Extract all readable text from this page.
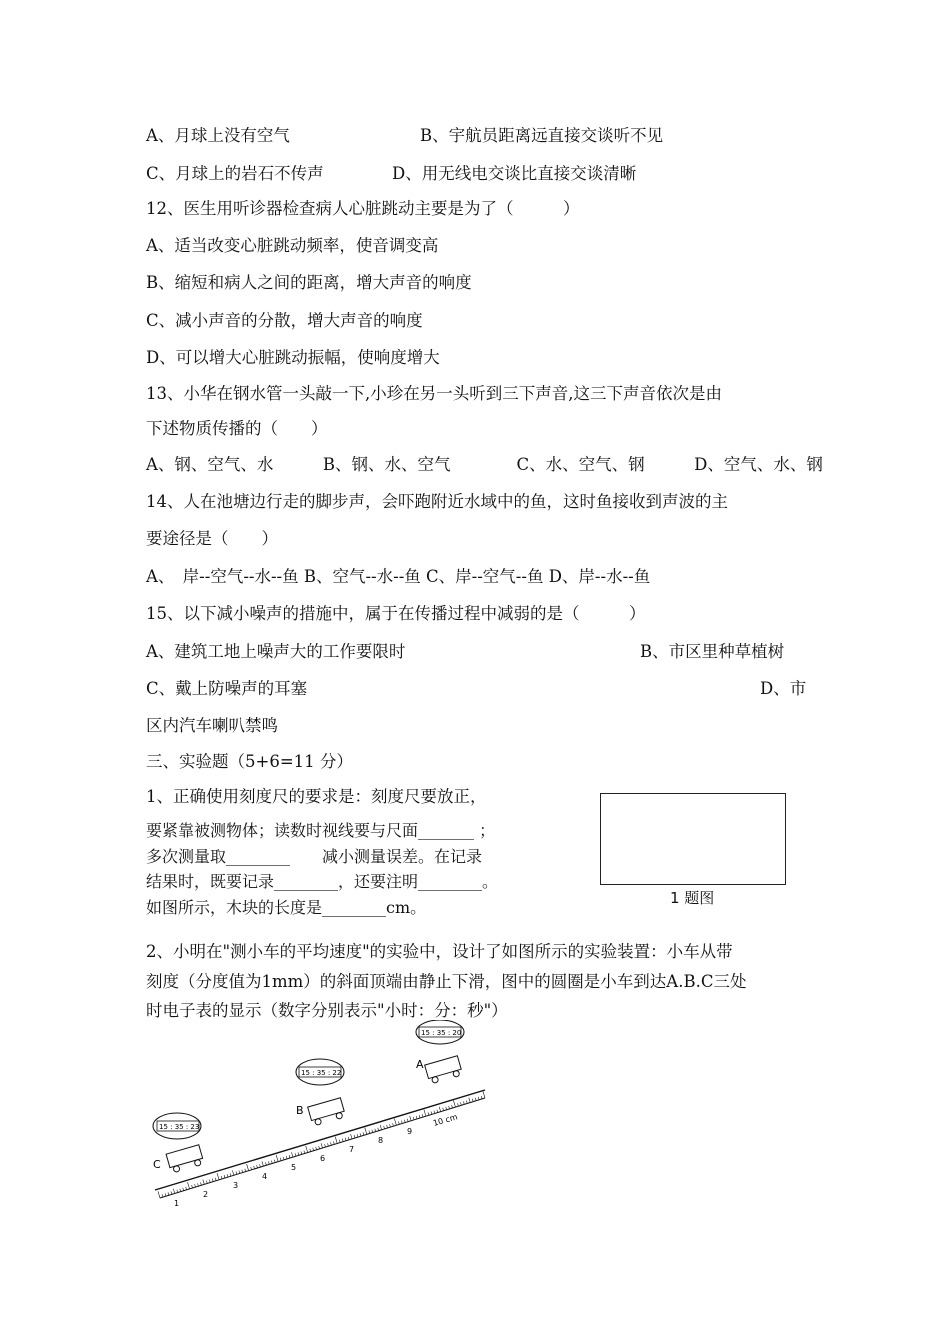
A、月球上没有空气	B、宇航员距离远直接交谈听不见
C、月球上的岩石不传声	D、用无线电交谈比直接交谈清晰
12、医生用听诊器检查病人心脏跳动主要是为了（　　　）
A、适当改变心脏跳动频率，使音调变高
B、缩短和病人之间的距离，增大声音的响度
C、减小声音的分散，增大声音的响度
D、可以增大心脏跳动振幅，使响度增大
13、小华在钢水管一头敲一下,小珍在另一头听到三下声音,这三下声音依次是由
下述物质传播的（　　）
A、钢、空气、水　　　B、钢、水、空气　　　　C、水、空气、钢　　　D、空气、水、钢
14、人在池塘边行走的脚步声，会吓跑附近水域中的鱼，这时鱼接收到声波的主
要途径是（　　）
A、　岸--空气--水--鱼 B、空气--水--鱼 C、岸--空气--鱼 D、岸--水--鱼
15、以下减小噪声的措施中，属于在传播过程中减弱的是（　　　）
A、建筑工地上噪声大的工作要限时	B、市区里种草植树
C、戴上防噪声的耳塞	D、市
区内汽车喇叭禁鸣
三、实验题（5+6=11 分）
1、正确使用刻度尺的要求是：刻度尺要放正，
要紧靠被测物体；读数时视线要与尺面_______ ；
多次测量取________　　减小测量误差。在记录
结果时，既要记录________，还要注明________。
如图所示，木块的长度是________cm。	1 题图
2、小明在"测小车的平均速度"的实验中，设计了如图所示的实验装置：小车从带
刻度（分度值为1mm）的斜面顶端由静止下滑，图中的圆圈是小车到达A.B.C三处
时电子表的显示（数字分别表示"小时：分：秒"）
1
2
3
4
5
6
7
8
9
10 cm
C
15 : 35 : 23
B
15 : 35 : 22
A
15 : 35 : 20
